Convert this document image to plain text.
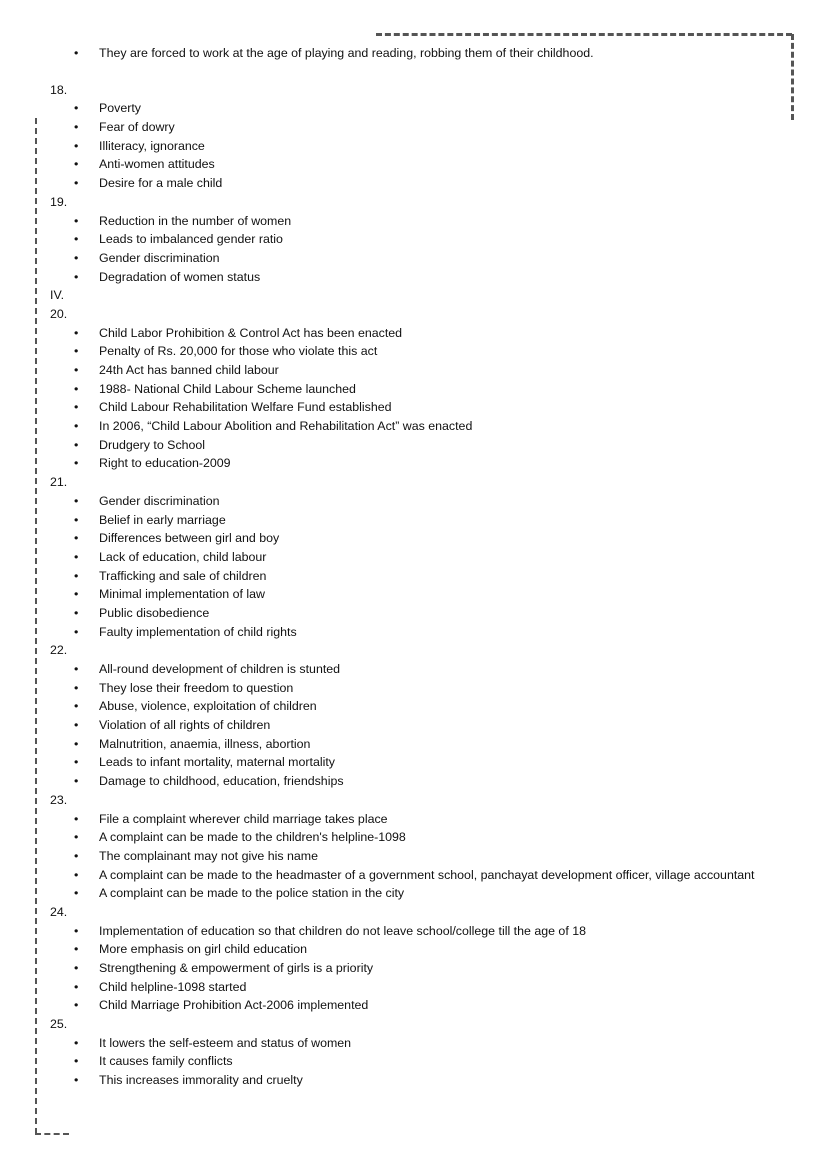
• They are forced to work at the age of playing and reading, robbing them of their childhood.
18.
• Poverty
• Fear of dowry
• Illiteracy, ignorance
• Anti-women attitudes
• Desire for a male child
19.
• Reduction in the number of women
• Leads to imbalanced gender ratio
• Gender discrimination
• Degradation of women status
IV.
20.
• Child Labor Prohibition & Control Act has been enacted
• Penalty of Rs. 20,000 for those who violate this act
• 24th Act has banned child labour
• 1988- National Child Labour Scheme launched
• Child Labour Rehabilitation Welfare Fund established
• In 2006, “Child Labour Abolition and Rehabilitation Act” was enacted
• Drudgery to School
• Right to education-2009
21.
• Gender discrimination
• Belief in early marriage
• Differences between girl and boy
• Lack of education, child labour
• Trafficking and sale of children
• Minimal implementation of law
• Public disobedience
• Faulty implementation of child rights
22.
• All-round development of children is stunted
• They lose their freedom to question
• Abuse, violence, exploitation of children
• Violation of all rights of children
• Malnutrition, anaemia, illness, abortion
• Leads to infant mortality, maternal mortality
• Damage to childhood, education, friendships
23.
• File a complaint wherever child marriage takes place
• A complaint can be made to the children's helpline-1098
• The complainant may not give his name
• A complaint can be made to the headmaster of a government school, panchayat development officer, village accountant
• A complaint can be made to the police station in the city
24.
• Implementation of education so that children do not leave school/college till the age of 18
• More emphasis on girl child education
• Strengthening & empowerment of girls is a priority
• Child helpline-1098 started
• Child Marriage Prohibition Act-2006 implemented
25.
• It lowers the self-esteem and status of women
• It causes family conflicts
• This increases immorality and cruelty
